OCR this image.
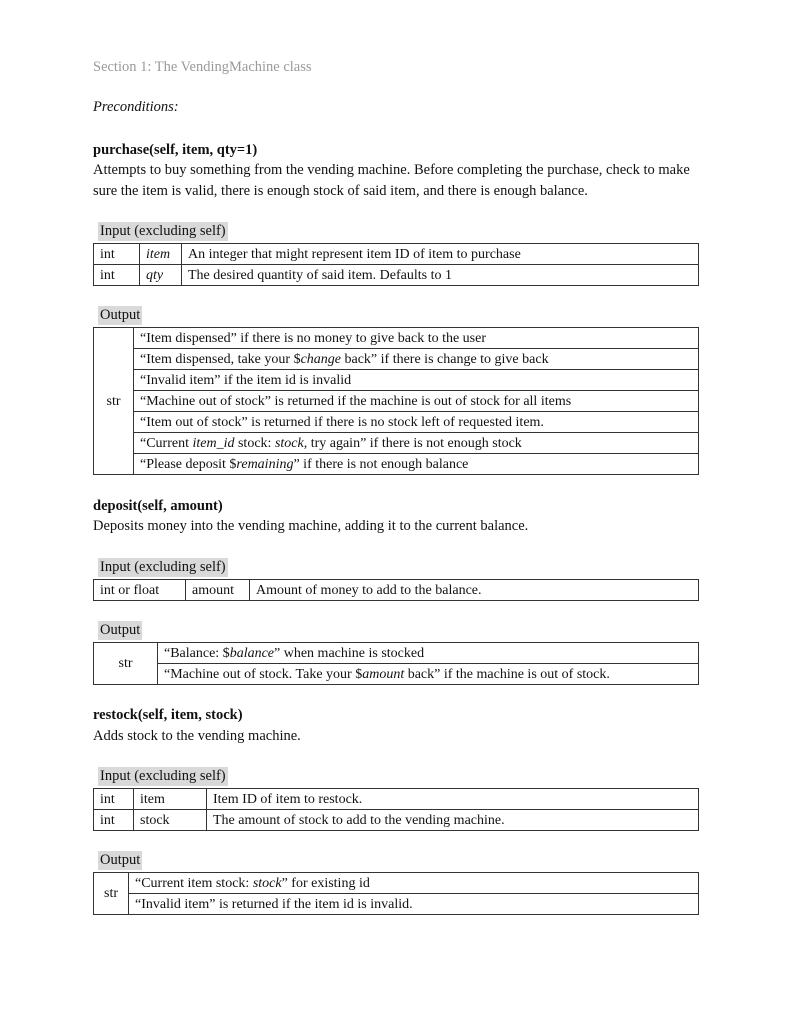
Section 1: The VendingMachine class
Preconditions:
purchase(self, item, qty=1)
Attempts to buy something from the vending machine. Before completing the purchase, check to make sure the item is valid, there is enough stock of said item, and there is enough balance.
Input (excluding self)
int	item	An integer that might represent item ID of item to purchase
int	qty	The desired quantity of said item. Defaults to 1
Output
str	“Item dispensed” if there is no money to give back to the user
“Item dispensed, take your $change back” if there is change to give back
“Invalid item” if the item id is invalid
“Machine out of stock” is returned if the machine is out of stock for all items
“Item out of stock” is returned if there is no stock left of requested item.
“Current item_id stock: stock, try again” if there is not enough stock
“Please deposit $remaining” if there is not enough balance
deposit(self, amount)
Deposits money into the vending machine, adding it to the current balance.
Input (excluding self)
int or float	amount	Amount of money to add to the balance.
Output
str	“Balance: $balance” when machine is stocked
“Machine out of stock. Take your $amount back” if the machine is out of stock.
restock(self, item, stock)
Adds stock to the vending machine.
Input (excluding self)
int	item	Item ID of item to restock.
int	stock	The amount of stock to add to the vending machine.
Output
str	“Current item stock: stock” for existing id
“Invalid item” is returned if the item id is invalid.
